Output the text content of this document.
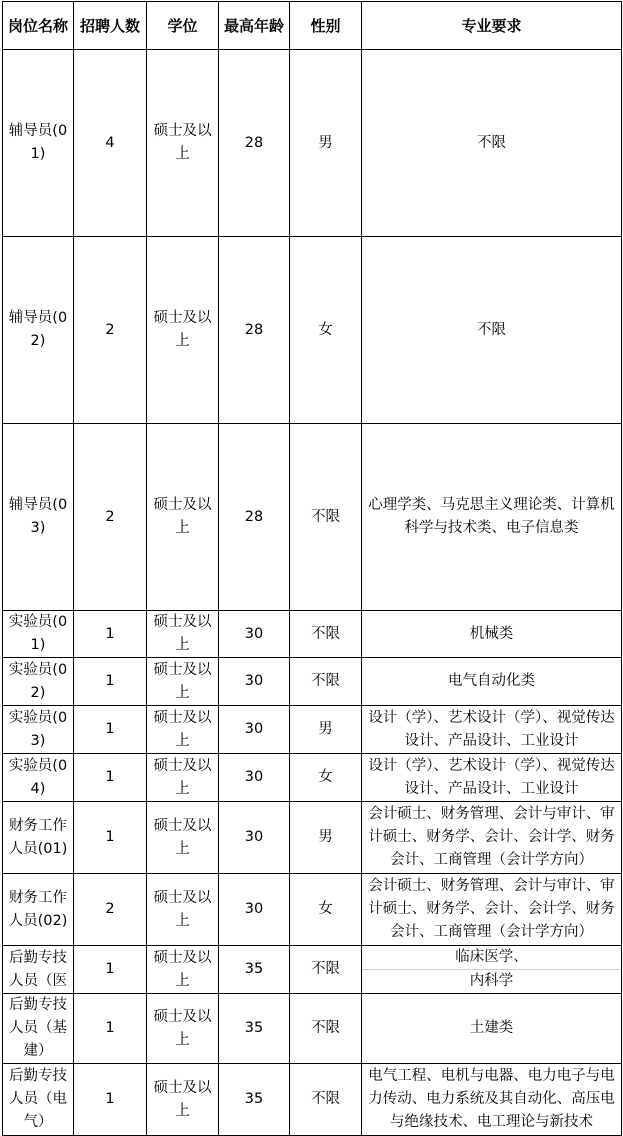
岗位名称	招聘人数	学位	最高年龄	性别	专业要求
辅导员(01)	4	硕士及以上	28	男	不限
辅导员(02)	2	硕士及以上	28	女	不限
辅导员(03)	2	硕士及以上	28	不限	心理学类、马克思主义理论类、计算机科学与技术类、电子信息类
实验员(01)	1	硕士及以上	30	不限	机械类
实验员(02)	1	硕士及以上	30	不限	电气自动化类
实验员(03)	1	硕士及以上	30	男	设计（学）、艺术设计（学）、视觉传达设计、产品设计、工业设计
实验员(04)	1	硕士及以上	30	女	设计（学）、艺术设计（学）、视觉传达设计、产品设计、工业设计
财务工作人员(01)	1	硕士及以上	30	男	会计硕士、财务管理、会计与审计、审计硕士、财务学、会计、会计学、财务会计、工商管理（会计学方向）
财务工作人员(02)	2	硕士及以上	30	女	会计硕士、财务管理、会计与审计、审计硕士、财务学、会计、会计学、财务会计、工商管理（会计学方向）
后勤专技人员（医	1	硕士及以上	35	不限	临床医学、
内科学

后勤专技人员（基建）	1	硕士及以上	35	不限	土建类
后勤专技人员（电气）	1	硕士及以上	35	不限	电气工程、电机与电器、电力电子与电力传动、电力系统及其自动化、高压电与绝缘技术、电工理论与新技术
